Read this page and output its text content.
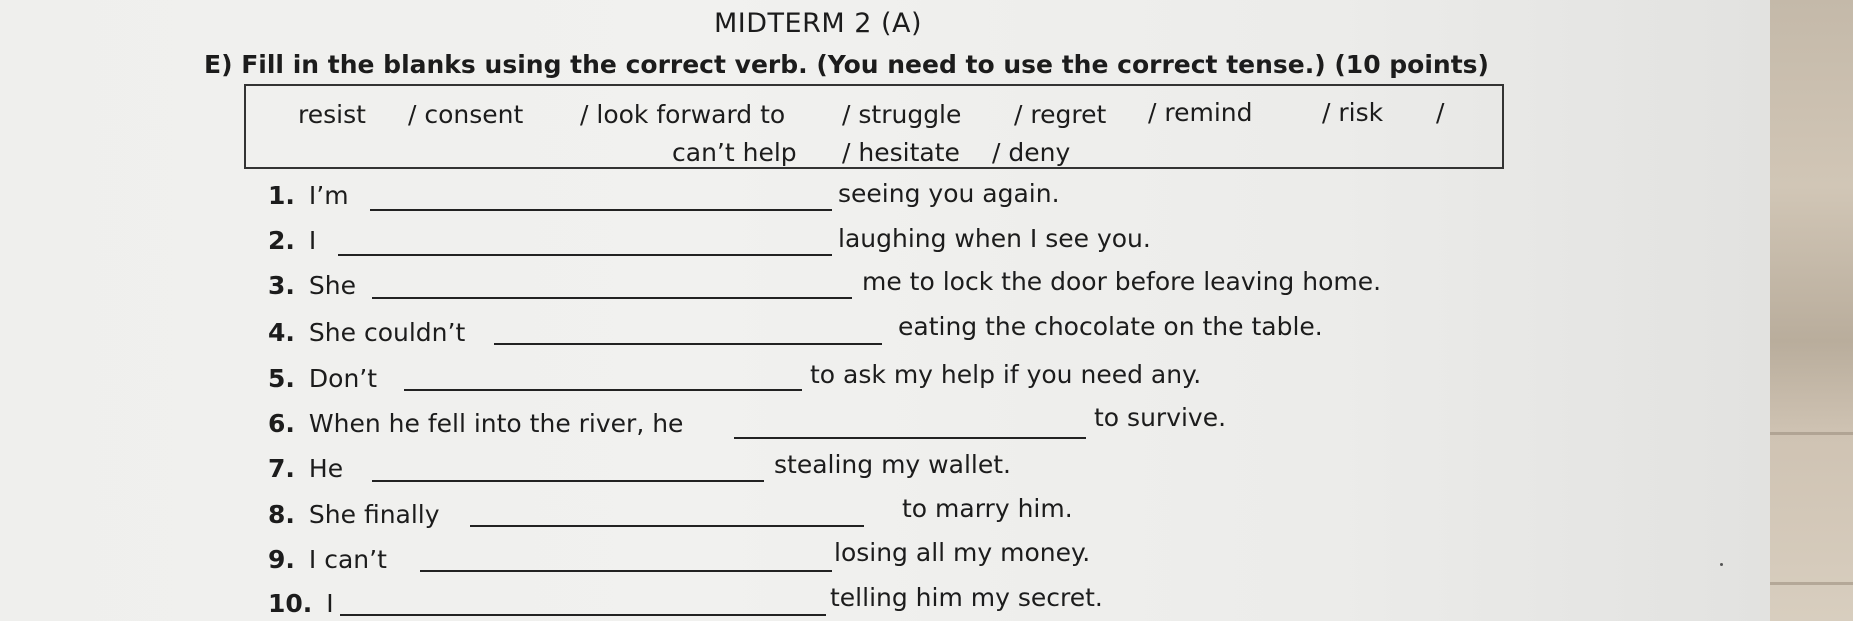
MIDTERM 2 (A)
E) Fill in the blanks using the correct verb. (You need to use the correct tense.) (10 points)
resist / consent / look forward to / struggle / regret / remind	/ risk /
can’t help / hesitate / deny
1. I’m	seeing you again.
2. I	laughing when I see you.
3. She	me to lock the door before leaving home.
4. She couldn’t	eating the chocolate on the table.
5. Don’t	to ask my help if you need any.
6. When he fell into the river, he	to survive.
7. He	stealing my wallet.
8. She finally	to marry him.
9. I can’t	losing all my money.
10. I	telling him my secret.
